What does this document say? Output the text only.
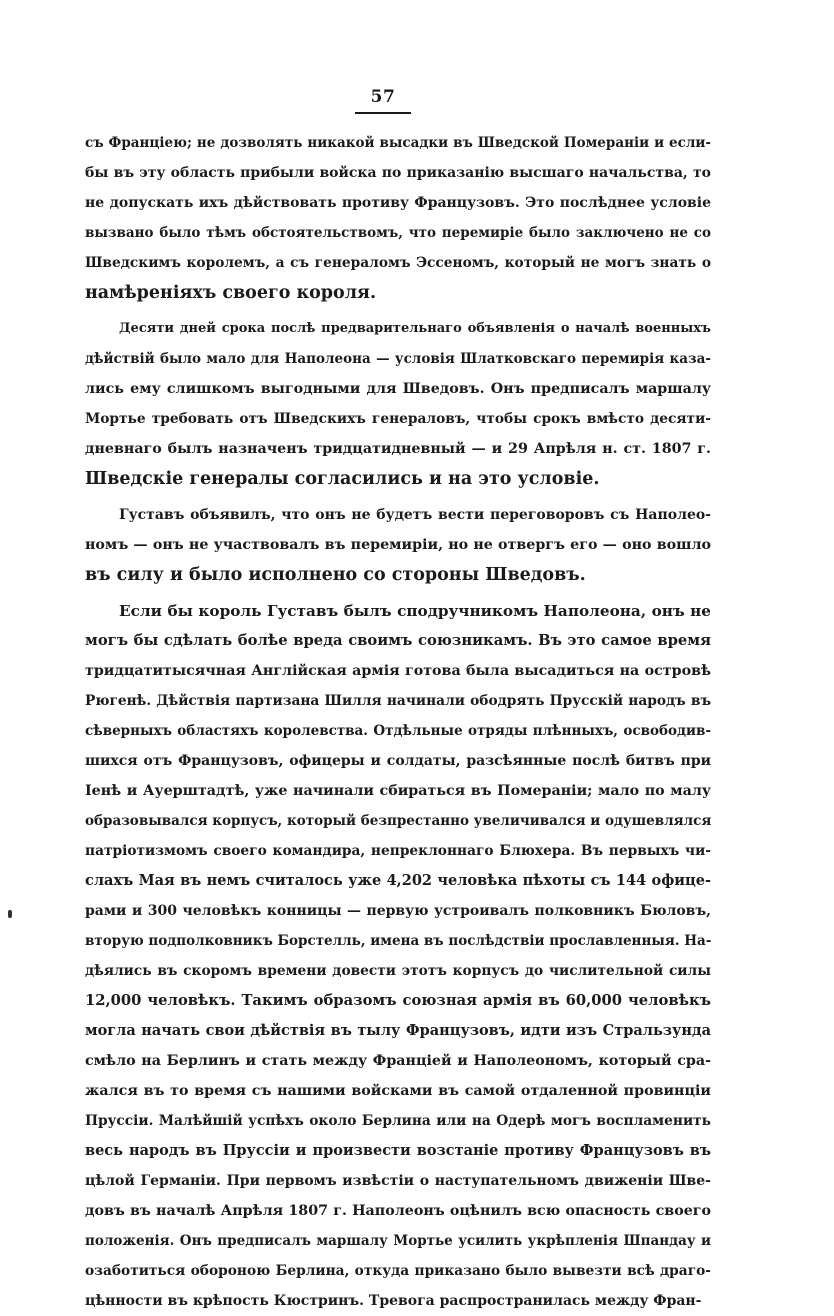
57
съ Франціею; не дозволять никакой высадки въ Шведской Помераніи и если-
бы въ эту область прибыли войска по приказанію высшаго начальства, то
не допускать ихъ дѣйствовать противу Французовъ. Это послѣднее условіе
вызвано было тѣмъ обстоятельствомъ, что перемиріе было заключено не со
Шведскимъ королемъ, а съ генераломъ Эссеномъ, который не могъ знать о
намѣреніяхъ своего короля.
Десяти дней срока послѣ предварительнаго объявленія о началѣ военныхъ
дѣйствій было мало для Наполеона — условія Шлатковскаго перемирія каза-
лись ему слишкомъ выгодными для Шведовъ. Онъ предписалъ маршалу
Мортье требовать отъ Шведскихъ генераловъ, чтобы срокъ вмѣсто десяти-
дневнаго былъ назначенъ тридцатидневный — и 29 Апрѣля н. ст. 1807 г.
Шведскіе генералы согласились и на это условіе.
Густавъ объявилъ, что онъ не будетъ вести переговоровъ съ Наполео-
номъ — онъ не участвовалъ въ перемиріи, но не отвергъ его — оно вошло
въ силу и было исполнено со стороны Шведовъ.
Если бы король Густавъ былъ сподручникомъ Наполеона, онъ не
могъ бы сдѣлать болѣе вреда своимъ союзникамъ. Въ это самое время
тридцатитысячная Англійская армія готова была высадиться на островѣ
Рюгенѣ. Дѣйствія партизана Шилля начинали ободрять Прусскій народъ въ
сѣверныхъ областяхъ королевства. Отдѣльные отряды плѣнныхъ, освободив-
шихся отъ Французовъ, офицеры и солдаты, разсѣянные послѣ битвъ при
Іенѣ и Ауерштадтѣ, уже начинали сбираться въ Помераніи; мало по малу
образовывался корпусъ, который безпрестанно увеличивался и одушевлялся
патріотизмомъ своего командира, непреклоннаго Блюхера. Въ первыхъ чи-
слахъ Мая въ немъ считалось уже 4,202 человѣка пѣхоты съ 144 офице-
рами и 300 человѣкъ конницы — первую устроивалъ полковникъ Бюловъ,
вторую подполковникъ Борстелль, имена въ послѣдствіи прославленныя. На-
дѣялись въ скоромъ времени довести этотъ корпусъ до числительной силы
12,000 человѣкъ. Такимъ образомъ союзная армія въ 60,000 человѣкъ
могла начать свои дѣйствія въ тылу Французовъ, идти изъ Стральзунда
смѣло на Берлинъ и стать между Франціей и Наполеономъ, который сра-
жался въ то время съ нашими войсками въ самой отдаленной провинціи
Пруссіи. Малѣйшій успѣхъ около Берлина или на Одерѣ могъ воспламенить
весь народъ въ Пруссіи и произвести возстаніе противу Французовъ въ
цѣлой Германіи. При первомъ извѣстіи о наступательномъ движеніи Шве-
довъ въ началѣ Апрѣля 1807 г. Наполеонъ оцѣнилъ всю опасность своего
положенія. Онъ предписалъ маршалу Мортье усилить укрѣпленія Шпандау и
озаботиться обороною Берлина, откуда приказано было вывезти всѣ драго-
цѣнности въ крѣпость Кюстринъ. Тревога распространилась между Фран-
